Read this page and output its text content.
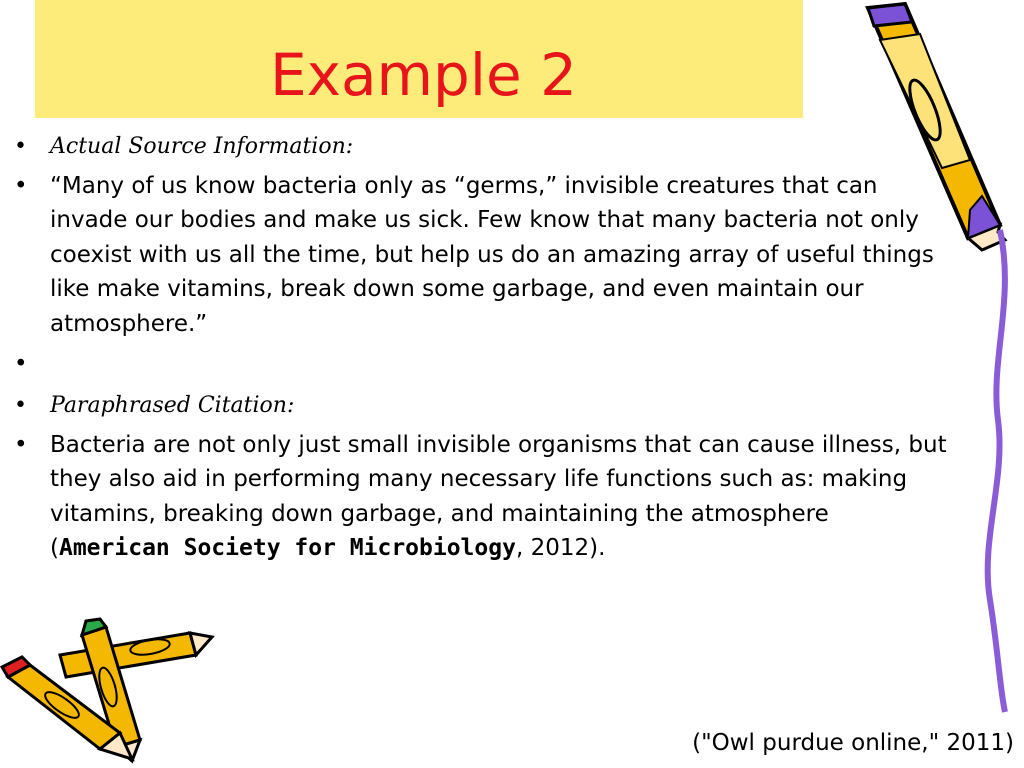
Example 2
• Actual Source Information:
• “Many of us know bacteria only as “germs,” invisible creatures that can invade our bodies and make us sick. Few know that many bacteria not only coexist with us all the time, but help us do an amazing array of useful things like make vitamins, break down some garbage, and even maintain our atmosphere.”
•
• Paraphrased Citation:
• Bacteria are not only just small invisible organisms that can cause illness, but they also aid in performing many necessary life functions such as: making vitamins, breaking down garbage, and maintaining the atmosphere (American Society for Microbiology, 2012).
("Owl purdue online," 2011)
